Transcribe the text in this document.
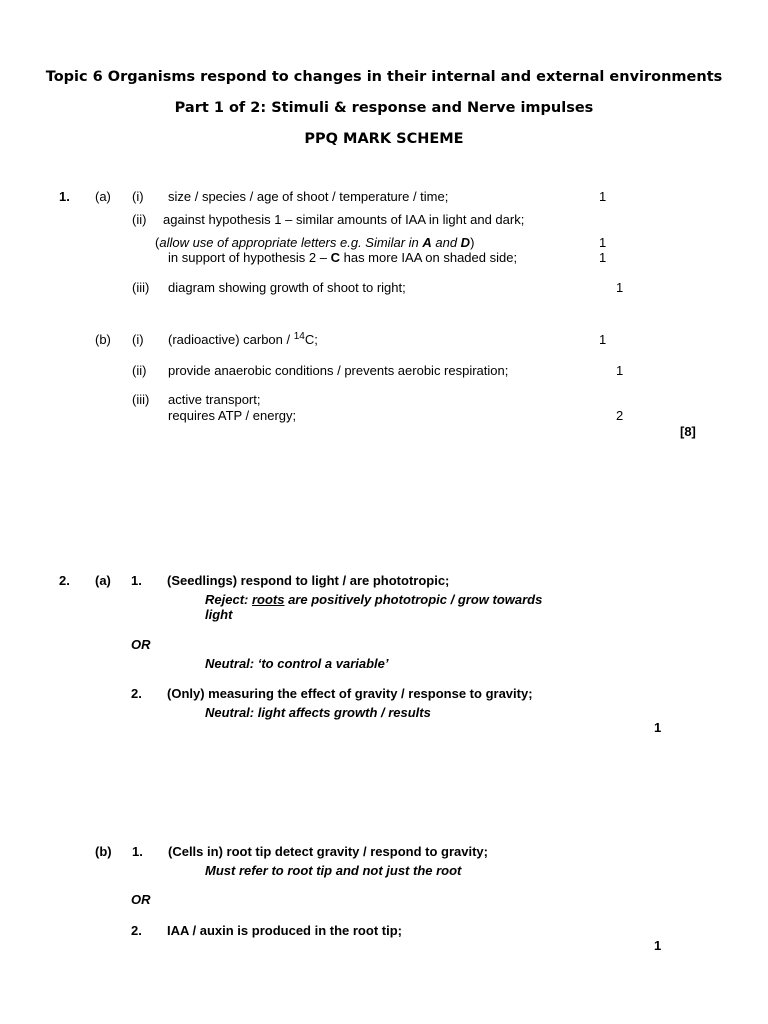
Topic 6 Organisms respond to changes in their internal and external environments
Part 1 of 2: Stimuli & response and Nerve impulses
PPQ MARK SCHEME
1. (a) (i) size / species / age of shoot / temperature / time;	1
(ii) against hypothesis 1 – similar amounts of IAA in light and dark;
(allow use of appropriate letters e.g. Similar in A and D)	1
in support of hypothesis 2 – C has more IAA on shaded side;	1
(iii) diagram showing growth of shoot to right;	1
(b) (i) (radioactive) carbon / $^{14}$C;	1
(ii) provide anaerobic conditions / prevents aerobic respiration;	1
(iii) active transport;
requires ATP / energy;	2
[8]
2. (a) 1. (Seedlings) respond to light / are phototropic;
Reject: roots are positively phototropic / grow towards
light
OR
Neutral: ‘to control a variable’
2. (Only) measuring the effect of gravity / response to gravity;
Neutral: light affects growth / results
1
(b) 1. (Cells in) root tip detect gravity / respond to gravity;
Must refer to root tip and not just the root
OR
2. IAA / auxin is produced in the root tip;
1
